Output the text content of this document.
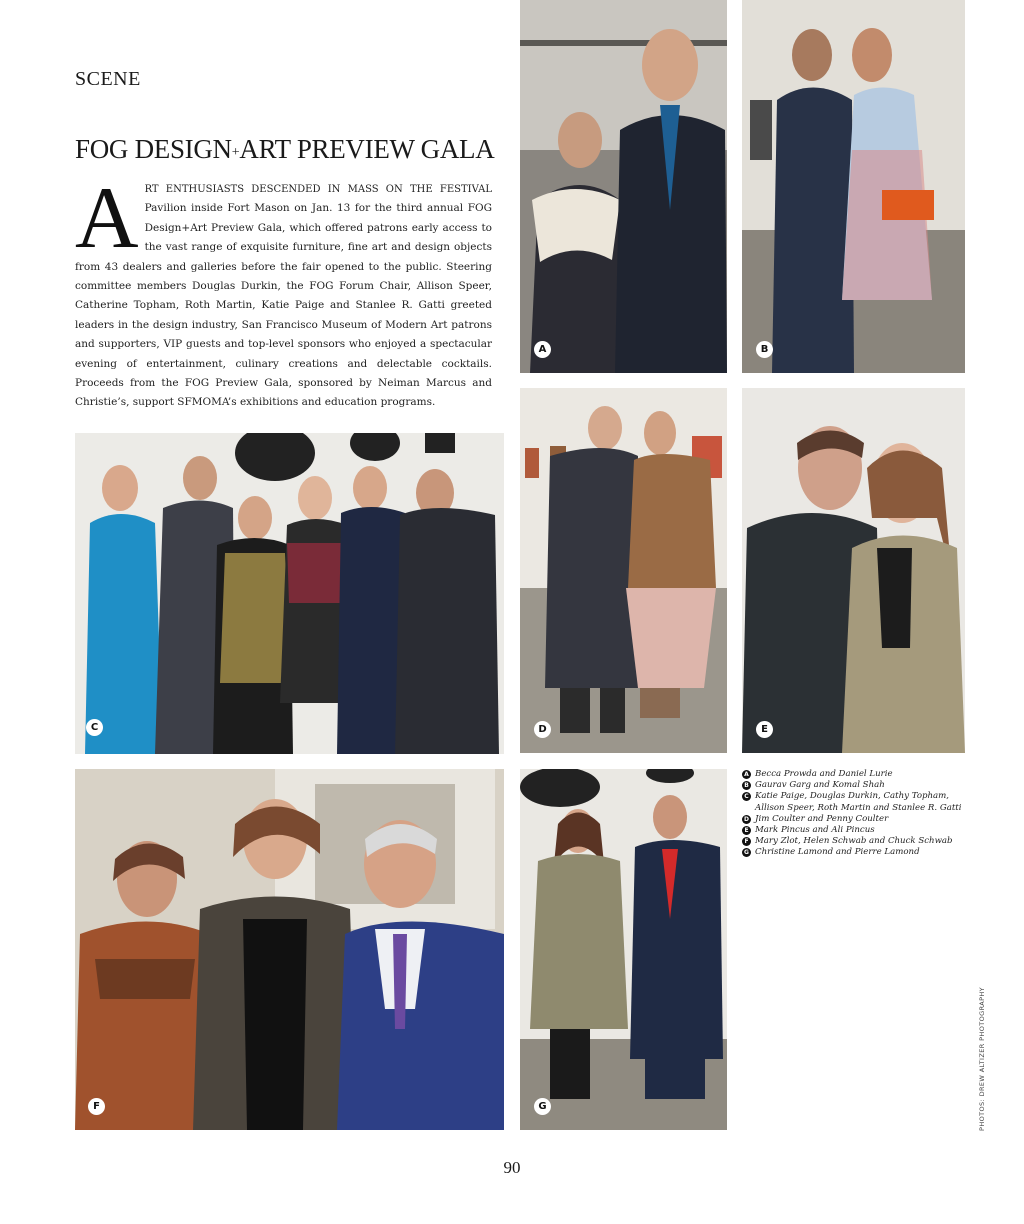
SCENE
FOG DESIGN+ART PREVIEW GALA

ART ENTHUSIASTS DESCENDED IN MASS ON THE FESTIVAL Pavilion inside Fort Mason on Jan. 13 for the third annual FOG Design+Art Preview Gala, which offered patrons early access to the vast range of exquisite furniture, fine art and design objects from 43 dealers and galleries before the fair opened to the public. Steering committee members Douglas Durkin, the FOG Forum Chair, Allison Speer, Catherine Topham, Roth Martin, Katie Paige and Stanlee R. Gatti greeted leaders in the design industry, San Francisco Museum of Modern Art patrons and supporters, VIP guests and top-level sponsors who enjoyed a spectacular evening of entertainment, culinary creations and delectable cocktails. Proceeds from the FOG Preview Gala, sponsored by Neiman Marcus and Christie’s, support SFMOMA’s exhibitions and education programs.

A	B
C	D	E
F	G
A Becca Prowda and Daniel Lurie
B Gaurav Garg and Komal Shah
C Katie Paige, Douglas Durkin, Cathy Topham, Allison Speer, Roth Martin and Stanlee R. Gatti
D Jim Coulter and Penny Coulter
E Mark Pincus and Ali Pincus
F Mary Zlot, Helen Schwab and Chuck Schwab
G Christine Lamond and Pierre Lamond
PHOTOS: DREW ALTIZER PHOTOGRAPHY
90
